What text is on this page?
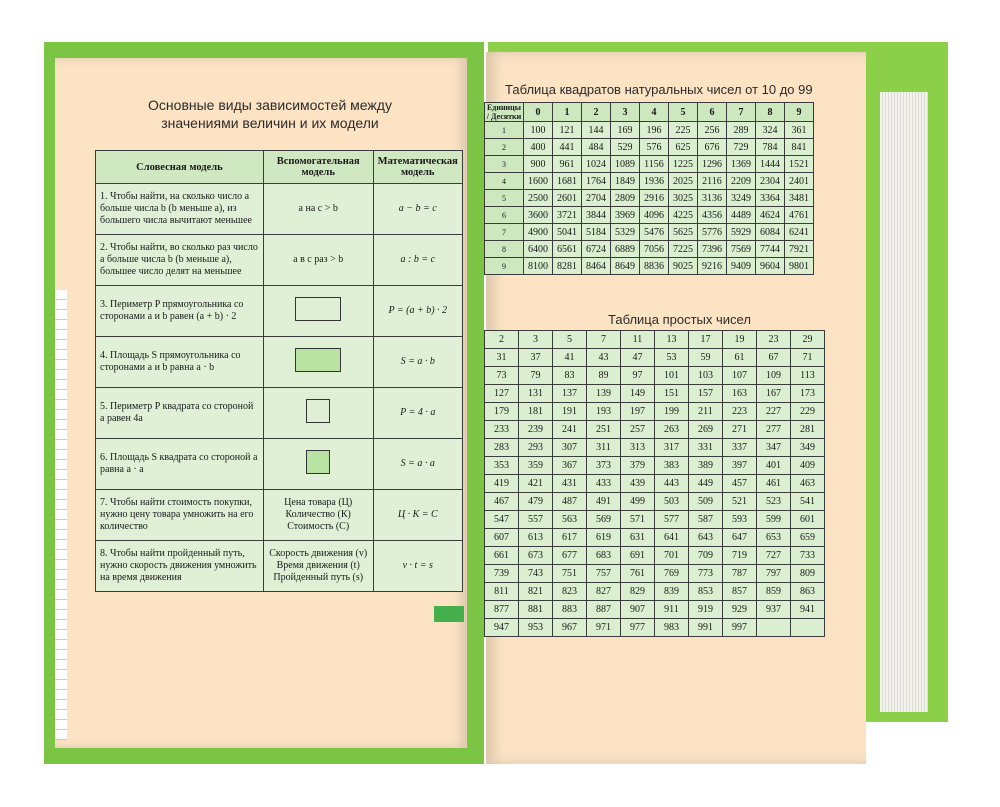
Основные виды зависимостей между значениями величин и их модели
Словесная модель	Вспомогательная модель	Математическая модель
1. Чтобы найти, на сколько число a больше числа b (b меньше a), из большего числа вычитают меньшее	a на c > b	a − b = c
2. Чтобы найти, во сколько раз число a больше числа b (b меньше a), большее число делят на меньшее	a в c раз > b	a : b = c
3. Периметр P прямоугольника со сторонами a и b равен (a + b) · 2		P = (a + b) · 2
4. Площадь S прямоугольника со сторонами a и b равна a · b		S = a · b
5. Периметр P квадрата со стороной a равен 4a		P = 4 · a
6. Площадь S квадрата со стороной a равна a · a		S = a · a
7. Чтобы найти стоимость покупки, нужно цену товара умножить на его количество	Цена товара (Ц) Количество (К) Стоимость (С)	Ц · К = С
8. Чтобы найти пройденный путь, нужно скорость движения умножить на время движения	Скорость движения (v) Время движения (t) Пройденный путь (s)	v · t = s
Таблица квадратов натуральных чисел от 10 до 99
Единицы / Десятки	0	1	2	3	4	5	6	7	8	9
1	100	121	144	169	196	225	256	289	324	361
2	400	441	484	529	576	625	676	729	784	841
3	900	961	1024	1089	1156	1225	1296	1369	1444	1521
4	1600	1681	1764	1849	1936	2025	2116	2209	2304	2401
5	2500	2601	2704	2809	2916	3025	3136	3249	3364	3481
6	3600	3721	3844	3969	4096	4225	4356	4489	4624	4761
7	4900	5041	5184	5329	5476	5625	5776	5929	6084	6241
8	6400	6561	6724	6889	7056	7225	7396	7569	7744	7921
9	8100	8281	8464	8649	8836	9025	9216	9409	9604	9801
Таблица простых чисел
2	3	5	7	11	13	17	19	23	29
31	37	41	43	47	53	59	61	67	71
73	79	83	89	97	101	103	107	109	113
127	131	137	139	149	151	157	163	167	173
179	181	191	193	197	199	211	223	227	229
233	239	241	251	257	263	269	271	277	281
283	293	307	311	313	317	331	337	347	349
353	359	367	373	379	383	389	397	401	409
419	421	431	433	439	443	449	457	461	463
467	479	487	491	499	503	509	521	523	541
547	557	563	569	571	577	587	593	599	601
607	613	617	619	631	641	643	647	653	659
661	673	677	683	691	701	709	719	727	733
739	743	751	757	761	769	773	787	797	809
811	821	823	827	829	839	853	857	859	863
877	881	883	887	907	911	919	929	937	941
947	953	967	971	977	983	991	997		
